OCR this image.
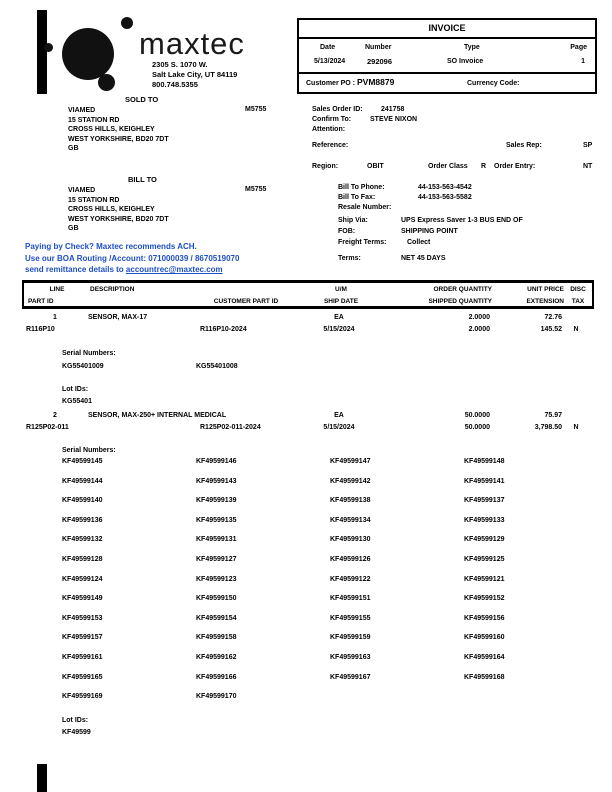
maxtec
2305 S. 1070 W.
Salt Lake City, UT 84119
800.748.5355
INVOICE
Date	Number	Type	Page
5/13/2024	292096	SO Invoice	1
Customer PO : PVM8879	Currency Code:
SOLD TO
VIAMED
15 STATION RD
CROSS HILLS, KEIGHLEY
WEST YORKSHIRE, BD20 7DT
GB
M5755	Sales Order ID:	241758
Confirm To:	STEVE NIXON
Attention:
Reference:	Sales Rep:	SP
Region:	OBIT	Order Class R Order Entry:	NT
BILL TO
VIAMED
15 STATION RD
CROSS HILLS, KEIGHLEY
WEST YORKSHIRE, BD20 7DT
GB
M5755	Bill To Phone:	44-153-563-4542
Bill To Fax:	44-153-563-5582
Resale Number:
Ship Via:	UPS Express Saver 1-3 BUS END OF
FOB:	SHIPPING POINT
Freight Terms:	Collect
Terms:	NET 45 DAYS
Paying by Check? Maxtec recommends ACH.
Use our BOA Routing /Account: 071000039 / 8670519070
send remittance details to accountrec@maxtec.com
LINE	DESCRIPTION	U/M	ORDER QUANTITY	UNIT PRICE DISC
PART ID	CUSTOMER PART ID	SHIP DATE	SHIPPED QUANTITY	EXTENSION	TAX
1	SENSOR, MAX-17	EA	2.0000	72.76
R116P10	R116P10-2024	5/15/2024	2.0000	145.52	N
Serial Numbers:
KG55401009	KG55401008
Lot IDs:
KG55401
2	SENSOR, MAX-250+ INTERNAL MEDICAL	EA	50.0000	75.97
R125P02-011	R125P02-011-2024	5/15/2024	50.0000	3,798.50	N
Serial Numbers:
KF49599145	KF49599146	KF49599147	KF49599148
KF49599144	KF49599143	KF49599142	KF49599141
KF49599140	KF49599139	KF49599138	KF49599137
KF49599136	KF49599135	KF49599134	KF49599133
KF49599132	KF49599131	KF49599130	KF49599129
KF49599128	KF49599127	KF49599126	KF49599125
KF49599124	KF49599123	KF49599122	KF49599121
KF49599149	KF49599150	KF49599151	KF49599152
KF49599153	KF49599154	KF49599155	KF49599156
KF49599157	KF49599158	KF49599159	KF49599160
KF49599161	KF49599162	KF49599163	KF49599164
KF49599165	KF49599166	KF49599167	KF49599168
KF49599169	KF49599170
Lot IDs:
KF49599
